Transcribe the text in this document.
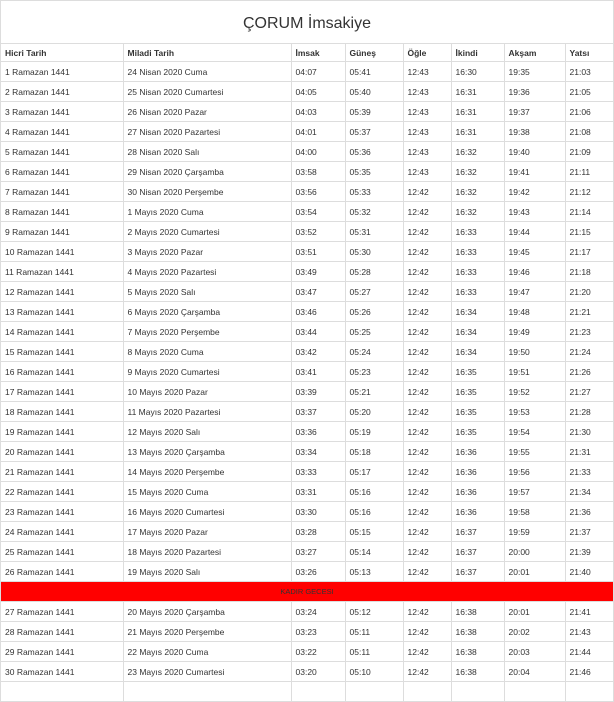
ÇORUM İmsakiye
Hicri Tarih	Miladi Tarih	İmsak	Güneş	Öğle	İkindi	Akşam	Yatsı
1 Ramazan 1441	24 Nisan 2020 Cuma	04:07	05:41	12:43	16:30	19:35	21:03
2 Ramazan 1441	25 Nisan 2020 Cumartesi	04:05	05:40	12:43	16:31	19:36	21:05
3 Ramazan 1441	26 Nisan 2020 Pazar	04:03	05:39	12:43	16:31	19:37	21:06
4 Ramazan 1441	27 Nisan 2020 Pazartesi	04:01	05:37	12:43	16:31	19:38	21:08
5 Ramazan 1441	28 Nisan 2020 Salı	04:00	05:36	12:43	16:32	19:40	21:09
6 Ramazan 1441	29 Nisan 2020 Çarşamba	03:58	05:35	12:43	16:32	19:41	21:11
7 Ramazan 1441	30 Nisan 2020 Perşembe	03:56	05:33	12:42	16:32	19:42	21:12
8 Ramazan 1441	1 Mayıs 2020 Cuma	03:54	05:32	12:42	16:32	19:43	21:14
9 Ramazan 1441	2 Mayıs 2020 Cumartesi	03:52	05:31	12:42	16:33	19:44	21:15
10 Ramazan 1441	3 Mayıs 2020 Pazar	03:51	05:30	12:42	16:33	19:45	21:17
11 Ramazan 1441	4 Mayıs 2020 Pazartesi	03:49	05:28	12:42	16:33	19:46	21:18
12 Ramazan 1441	5 Mayıs 2020 Salı	03:47	05:27	12:42	16:33	19:47	21:20
13 Ramazan 1441	6 Mayıs 2020 Çarşamba	03:46	05:26	12:42	16:34	19:48	21:21
14 Ramazan 1441	7 Mayıs 2020 Perşembe	03:44	05:25	12:42	16:34	19:49	21:23
15 Ramazan 1441	8 Mayıs 2020 Cuma	03:42	05:24	12:42	16:34	19:50	21:24
16 Ramazan 1441	9 Mayıs 2020 Cumartesi	03:41	05:23	12:42	16:35	19:51	21:26
17 Ramazan 1441	10 Mayıs 2020 Pazar	03:39	05:21	12:42	16:35	19:52	21:27
18 Ramazan 1441	11 Mayıs 2020 Pazartesi	03:37	05:20	12:42	16:35	19:53	21:28
19 Ramazan 1441	12 Mayıs 2020 Salı	03:36	05:19	12:42	16:35	19:54	21:30
20 Ramazan 1441	13 Mayıs 2020 Çarşamba	03:34	05:18	12:42	16:36	19:55	21:31
21 Ramazan 1441	14 Mayıs 2020 Perşembe	03:33	05:17	12:42	16:36	19:56	21:33
22 Ramazan 1441	15 Mayıs 2020 Cuma	03:31	05:16	12:42	16:36	19:57	21:34
23 Ramazan 1441	16 Mayıs 2020 Cumartesi	03:30	05:16	12:42	16:36	19:58	21:36
24 Ramazan 1441	17 Mayıs 2020 Pazar	03:28	05:15	12:42	16:37	19:59	21:37
25 Ramazan 1441	18 Mayıs 2020 Pazartesi	03:27	05:14	12:42	16:37	20:00	21:39
26 Ramazan 1441	19 Mayıs 2020 Salı	03:26	05:13	12:42	16:37	20:01	21:40
KADIR GECESI							
27 Ramazan 1441	20 Mayıs 2020 Çarşamba	03:24	05:12	12:42	16:38	20:01	21:41
28 Ramazan 1441	21 Mayıs 2020 Perşembe	03:23	05:11	12:42	16:38	20:02	21:43
29 Ramazan 1441	22 Mayıs 2020 Cuma	03:22	05:11	12:42	16:38	20:03	21:44
30 Ramazan 1441	23 Mayıs 2020 Cumartesi	03:20	05:10	12:42	16:38	20:04	21:46
